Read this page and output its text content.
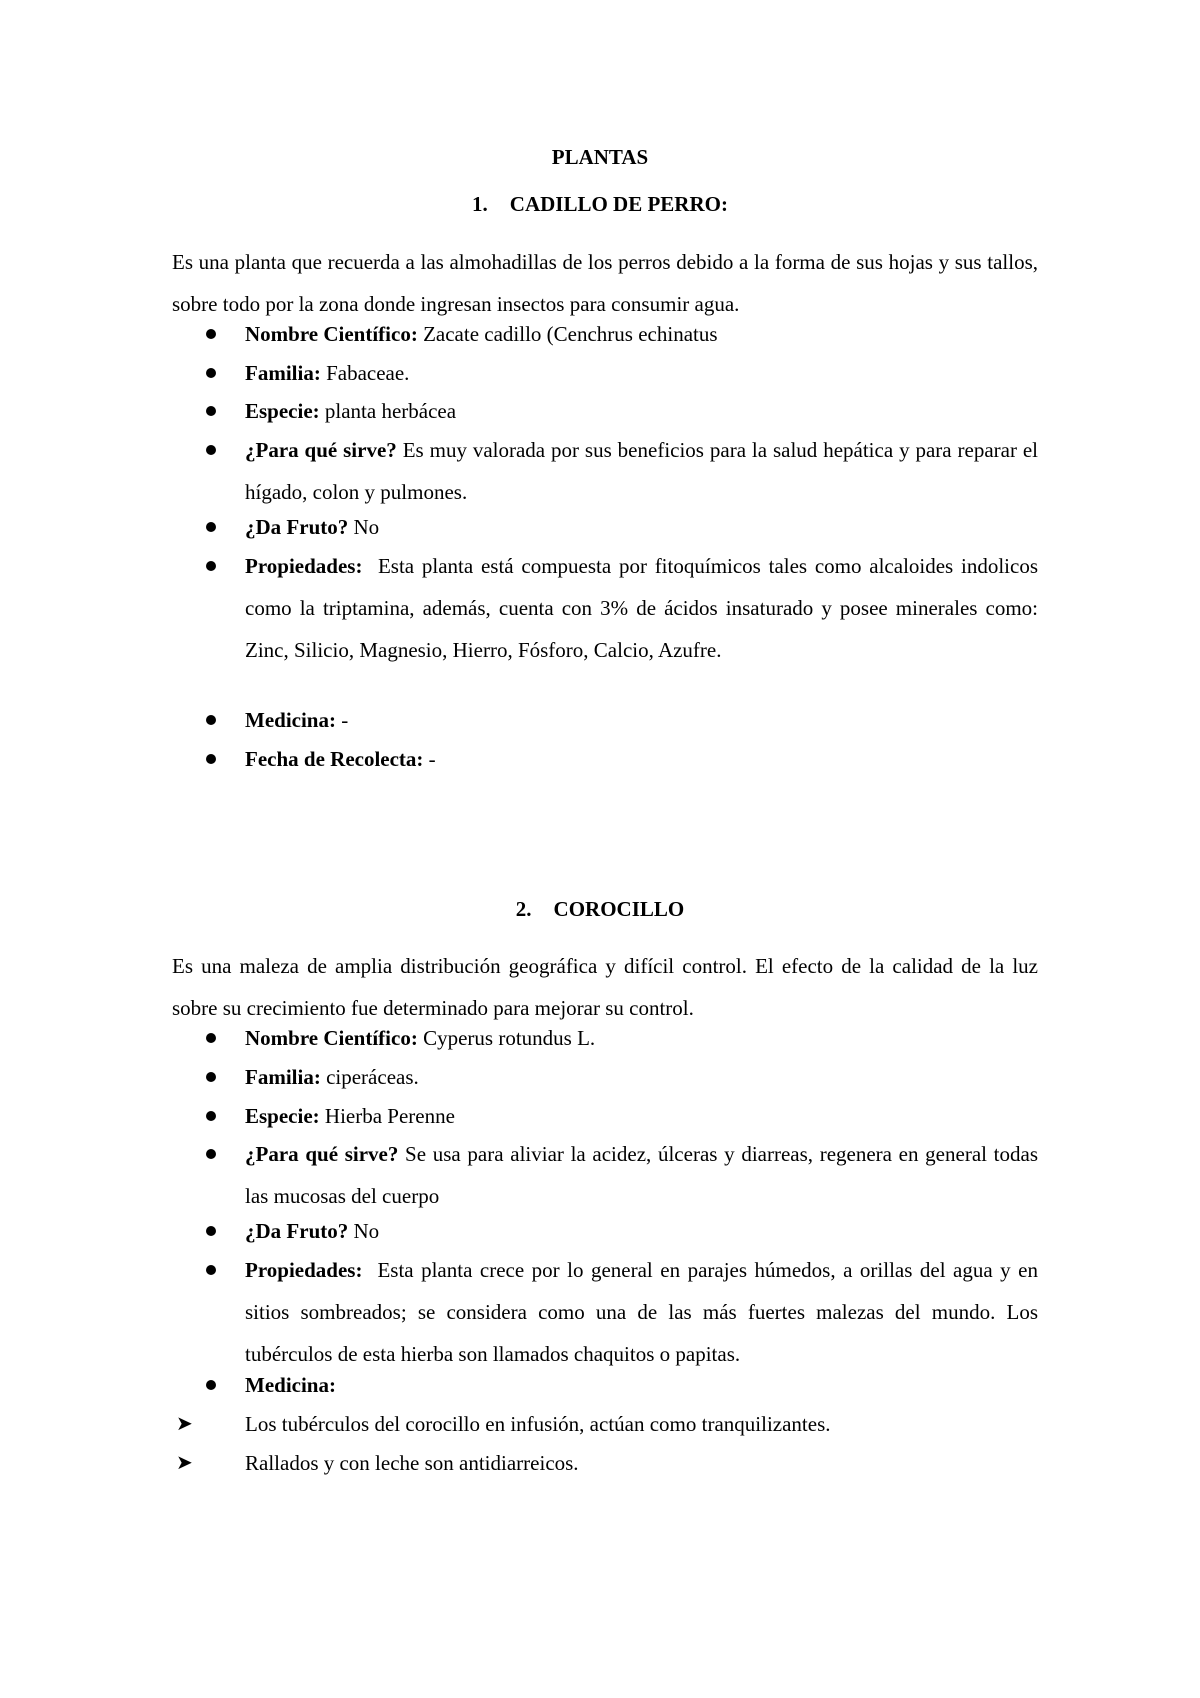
PLANTAS
1. CADILLO DE PERRO:
Es una planta que recuerda a las almohadillas de los perros debido a la forma de sus hojas y sus tallos, sobre todo por la zona donde ingresan insectos para consumir agua.
Nombre Científico: Zacate cadillo (Cenchrus echinatus
Familia: Fabaceae.
Especie: planta herbácea
¿Para qué sirve? Es muy valorada por sus beneficios para la salud hepática y para reparar el hígado, colon y pulmones.
¿Da Fruto? No
Propiedades:  Esta planta está compuesta por fitoquímicos tales como alcaloides indolicos como la triptamina, además, cuenta con 3% de ácidos insaturado y posee minerales como: Zinc, Silicio, Magnesio, Hierro, Fósforo, Calcio, Azufre.
Medicina: -
Fecha de Recolecta: -
2. COROCILLO
Es una maleza de amplia distribución geográfica y difícil control. El efecto de la calidad de la luz sobre su crecimiento fue determinado para mejorar su control.
Nombre Científico: Cyperus rotundus L.
Familia: ciperáceas.
Especie: Hierba Perenne
¿Para qué sirve? Se usa para aliviar la acidez, úlceras y diarreas, regenera en general todas las mucosas del cuerpo
¿Da Fruto? No
Propiedades:  Esta planta crece por lo general en parajes húmedos, a orillas del agua y en sitios sombreados; se considera como una de las más fuertes malezas del mundo. Los tubérculos de esta hierba son llamados chaquitos o papitas.
Medicina:
➤ Los tubérculos del corocillo en infusión, actúan como tranquilizantes.
➤ Rallados y con leche son antidiarreicos.
